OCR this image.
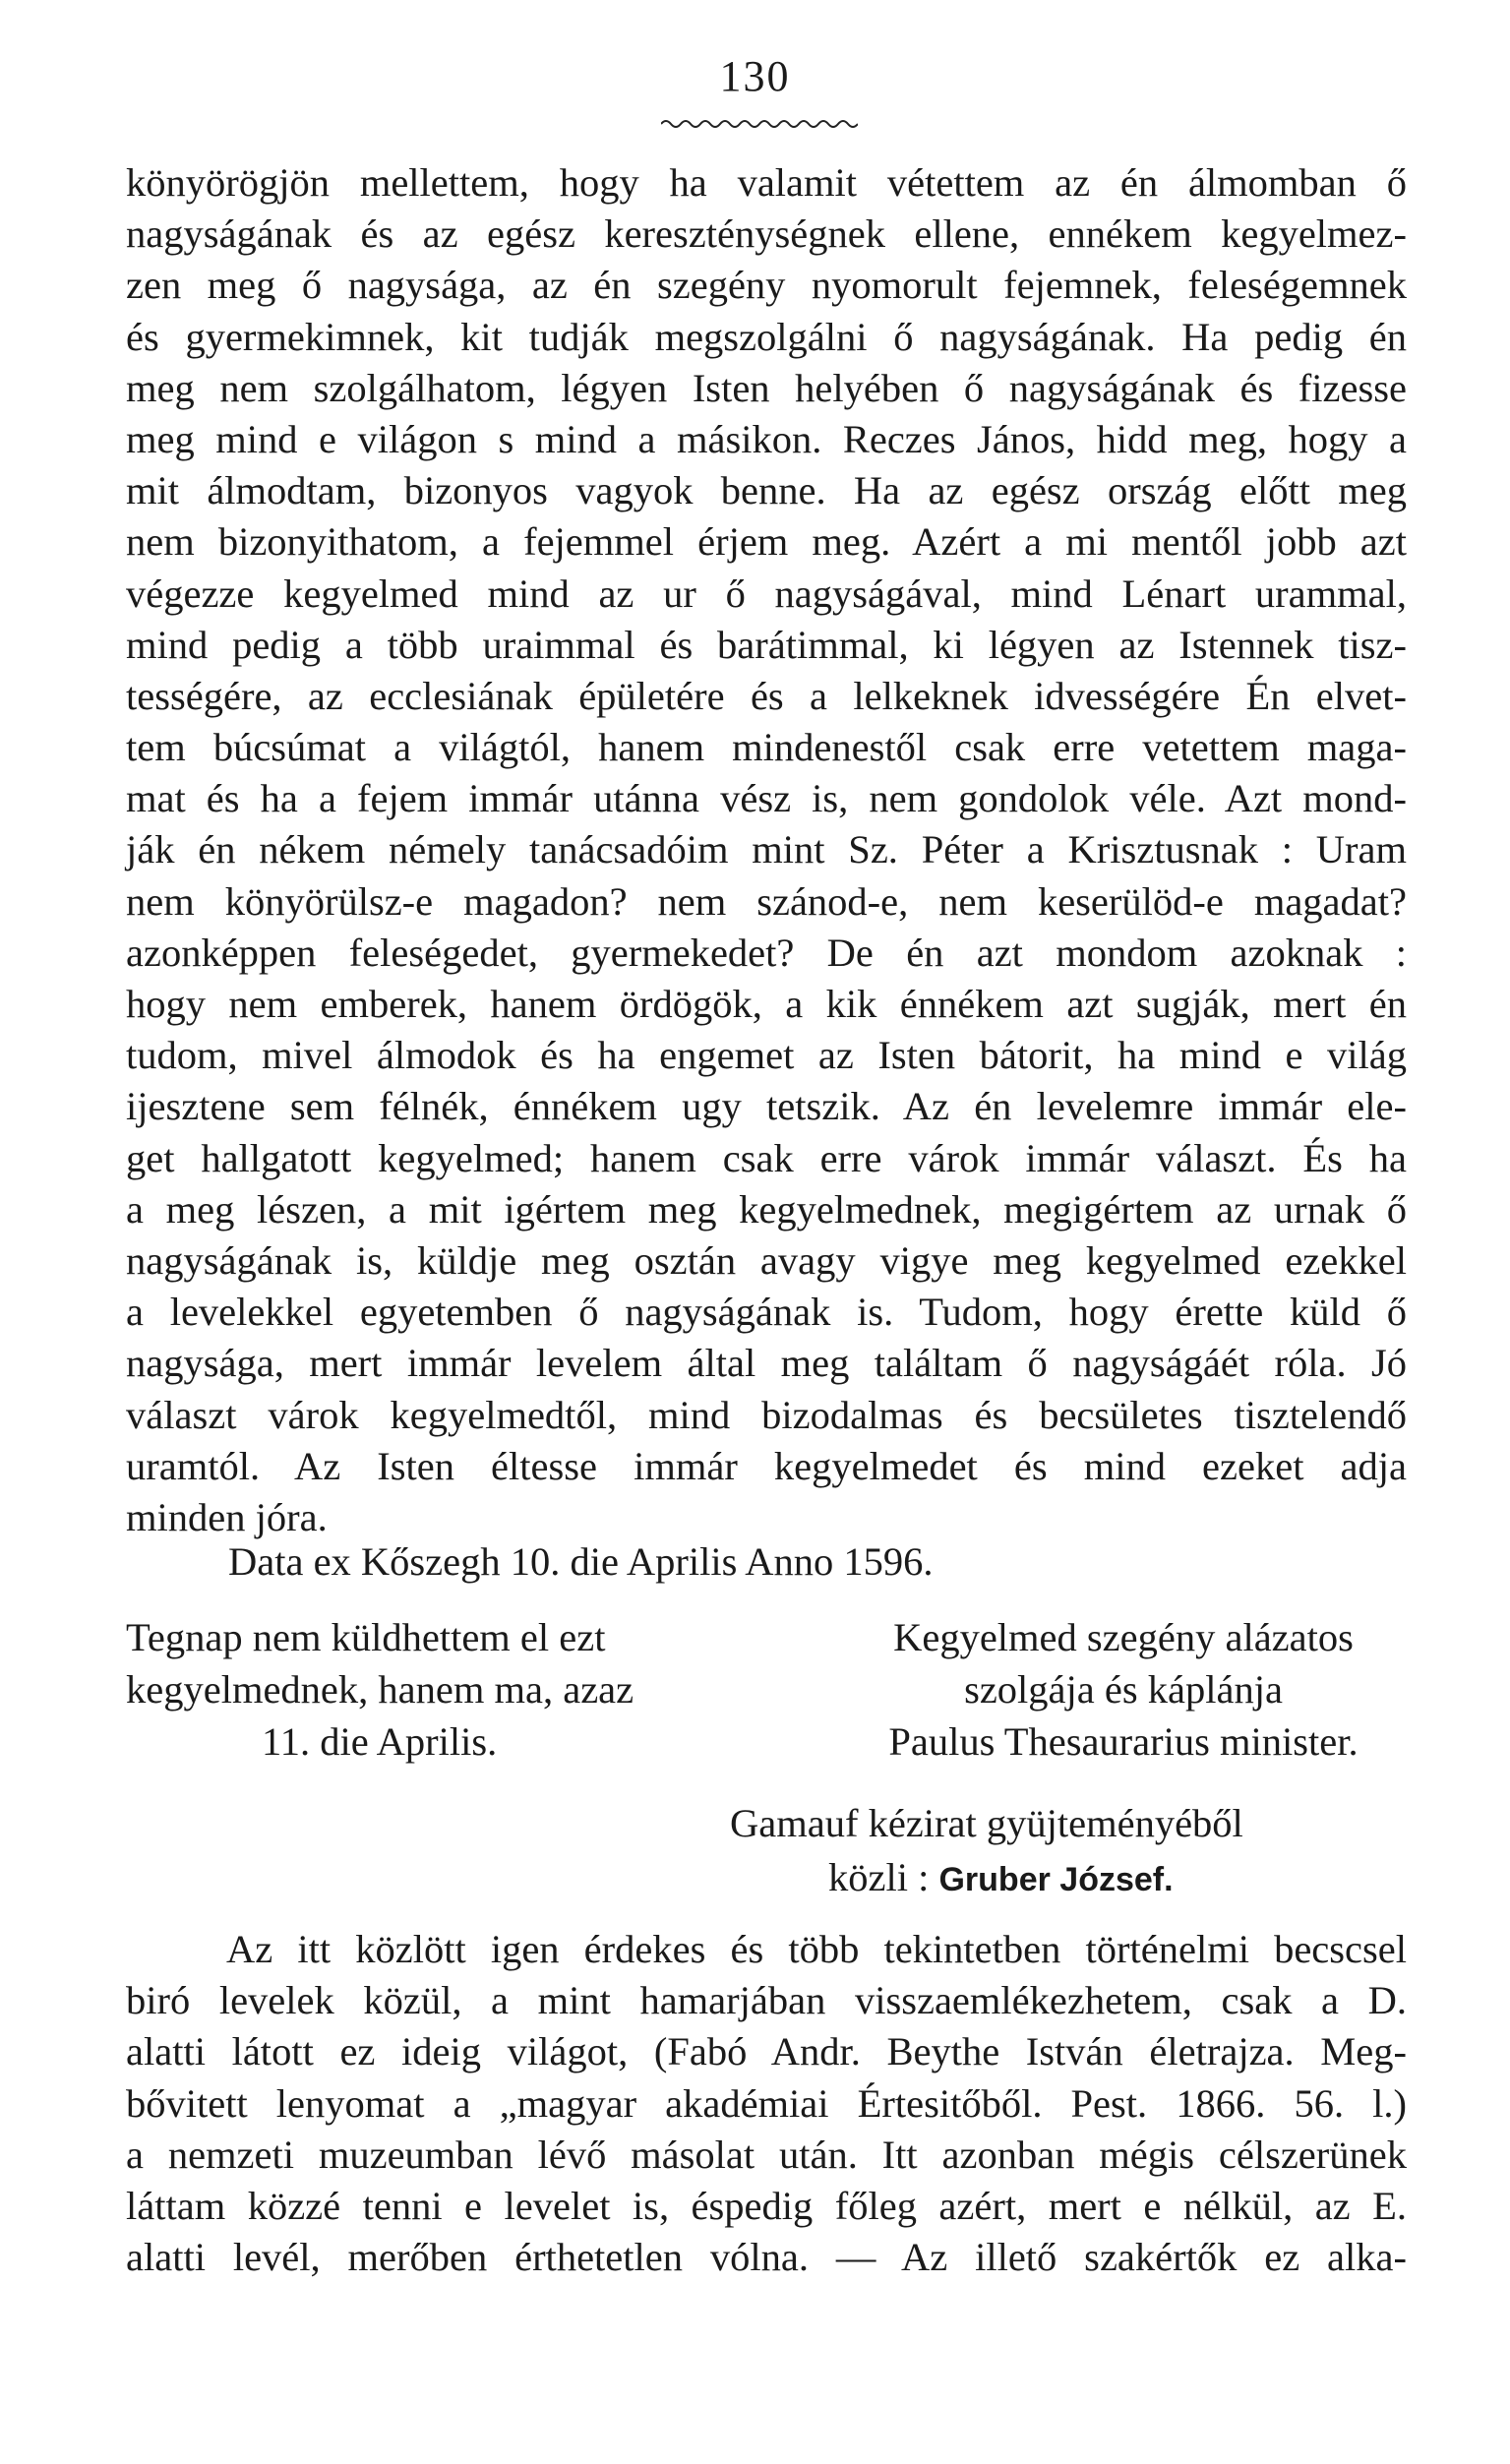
130
könyörögjön mellettem, hogy ha valamit vétettem az én álmomban ő
nagyságának és az egész kereszténységnek ellene, ennékem kegyelmez-
zen meg ő nagysága, az én szegény nyomorult fejemnek, feleségemnek
és gyermekimnek, kit tudják megszolgálni ő nagyságának. Ha pedig én
meg nem szolgálhatom, légyen Isten helyében ő nagyságának és fizesse
meg mind e világon s mind a másikon. Reczes János, hidd meg, hogy a
mit álmodtam, bizonyos vagyok benne. Ha az egész ország előtt meg
nem bizonyithatom, a fejemmel érjem meg. Azért a mi mentől jobb azt
végezze kegyelmed mind az ur ő nagyságával, mind Lénart urammal,
mind pedig a több uraimmal és barátimmal, ki légyen az Istennek tisz-
tességére, az ecclesiának épületére és a lelkeknek idvességére Én elvet-
tem búcsúmat a világtól, hanem mindenestől csak erre vetettem maga-
mat és ha a fejem immár utánna vész is, nem gondolok véle. Azt mond-
ják én nékem némely tanácsadóim mint Sz. Péter a Krisztusnak : Uram
nem könyörülsz-e magadon? nem szánod-e, nem keserülöd-e magadat?
azonképpen feleségedet, gyermekedet? De én azt mondom azoknak :
hogy nem emberek, hanem ördögök, a kik énnékem azt sugják, mert én
tudom, mivel álmodok és ha engemet az Isten bátorit, ha mind e világ
ijesztene sem félnék, énnékem ugy tetszik. Az én levelemre immár ele-
get hallgatott kegyelmed; hanem csak erre várok immár választ. És ha
a meg lészen, a mit igértem meg kegyelmednek, megigértem az urnak ő
nagyságának is, küldje meg osztán avagy vigye meg kegyelmed ezekkel
a levelekkel egyetemben ő nagyságának is. Tudom, hogy érette küld ő
nagysága, mert immár levelem által meg találtam ő nagyságáét róla. Jó
választ várok kegyelmedtől, mind bizodalmas és becsületes tisztelendő
uramtól. Az Isten éltesse immár kegyelmedet és mind ezeket adja
minden jóra.
Data ex Kőszegh 10. die Aprilis Anno 1596.
Tegnap nem küldhettem el ezt
kegyelmednek, hanem ma, azaz
11. die Aprilis.
Kegyelmed szegény alázatos
szolgája és káplánja
Paulus Thesaurarius minister.
Gamauf kézirat gyüjteményéből
közli : Gruber József.
Az itt közlött igen érdekes és több tekintetben történelmi becscsel
biró levelek közül, a mint hamarjában visszaemlékezhetem, csak a D.
alatti látott ez ideig világot, (Fabó Andr. Beythe István életrajza. Meg-
bővitett lenyomat a „magyar akadémiai Értesitőből. Pest. 1866. 56. l.)
a nemzeti muzeumban lévő másolat után. Itt azonban mégis célszerünek
láttam közzé tenni e levelet is, éspedig főleg azért, mert e nélkül, az E.
alatti levél, merőben érthetetlen vólna. — Az illető szakértők ez alka-
